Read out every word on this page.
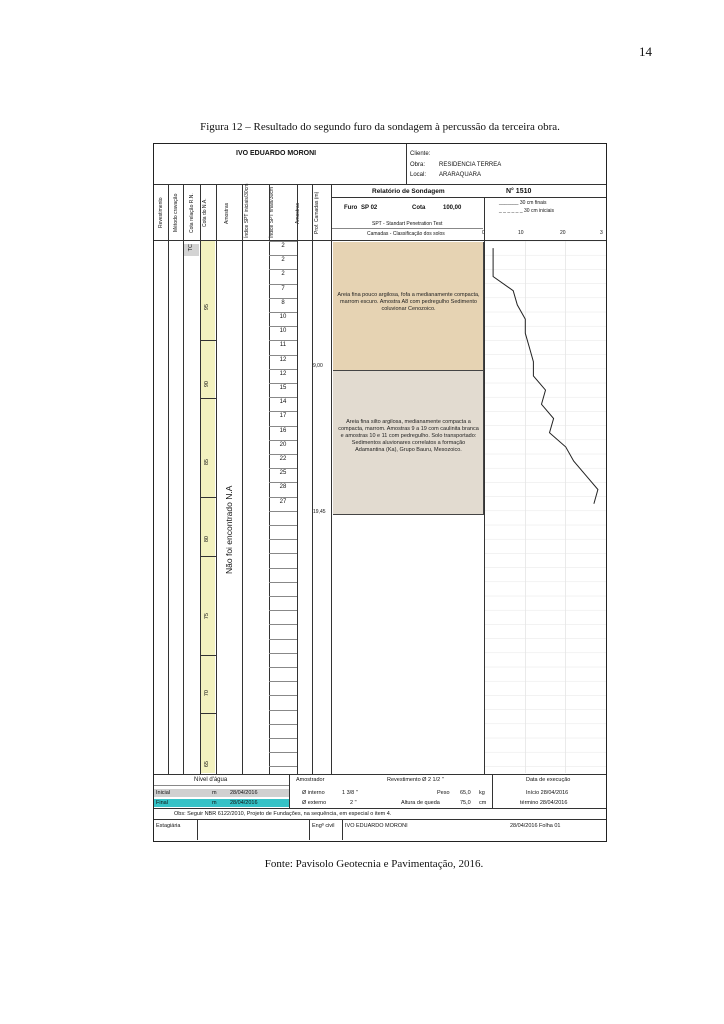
14
Figura 12 – Resultado do segundo furo da sondagem à percussão da terceira obra.
IVO EDUARDO MORONI	Cliente:
Obra: RESIDENCIA TERREA
Local: ARARAQUARA
Revestimento Método cravação Cota relação R.N. Cota do N.A.	Amostras	Índice SPT iniciais/30cm	Índice SPT finais/30cm	Amostras	Prof. Camadas (m)
Relatório de Sondagem	N° 1510
Furo SP 02	Cota	100,00
SPT - Standart Penetration Test
Camadas - Classificação dos solos
_______ 30 cm finais
_ _ _ _ _ _ 30 cm iniciais
0	10	20	3
TC
95
90
85
80
75
70
65
Não foi encontrado N.A
2
2
2
7
8
10
10
11
12
12
15
14
17
16
20
22
25
28
27
Areia fina pouco argilosa, fofa a medianamente compacta, marrom escuro. Amostra A8 com pedregulho Sedimento coluvionar Cenozoico.
9,00
Areia fina silto argilosa, medianamente compacta a compacta, marrom. Amostras 9 a 19 com caulinita branca e amostras 10 e 11 com pedregulho. Solo transportado: Sedimentos aluvionares correlatos a formação Adamantina (Ka), Grupo Bauru, Mesozoico.
19,45
Nível d'água
Inicial	m 28/04/2016
Final	m 28/04/2016
Amostrador
Ø interno	1 3/8 "
Ø externo	2 "
Revestimento Ø 2 1/2 "
Peso 65,0 kg
Altura de queda	75,0 cm
Data de execução
Início 28/04/2016
término 28/04/2016
Obs: Seguir NBR 6122/2010, Projeto de Fundações, na sequência, em especial o item 4.
Estagiária	Engº civil IVO EDUARDO MORONI	28/04/2016 Folha 01
Fonte: Pavisolo Geotecnia e Pavimentação, 2016.
